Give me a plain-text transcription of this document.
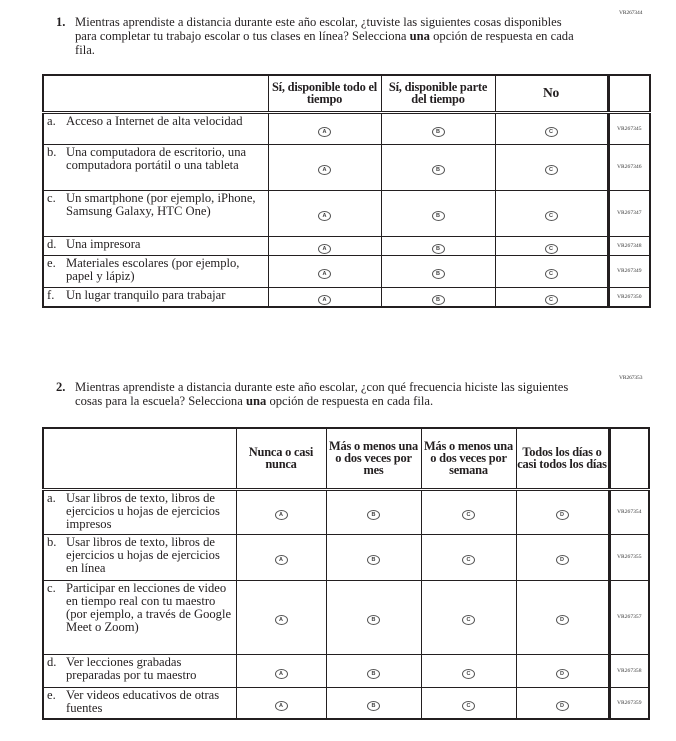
VR267344
1. Mientras aprendiste a distancia durante este año escolar, ¿tuviste las siguientes cosas disponibles para completar tu trabajo escolar o tus clases en línea? Selecciona una opción de respuesta en cada fila.
	Sí, disponible todo el tiempo	Sí, disponible parte del tiempo	No	

a. Acceso a Internet de alta velocidad	A	B	C	VR267345

b. Una computadora de escritorio, una computadora portátil o una tableta	A	B	C	VR267346

c. Un smartphone (por ejemplo, iPhone, Samsung Galaxy, HTC One)	A	B	C	VR267347

d. Una impresora	A	B	C	VR267348

e. Materiales escolares (por ejemplo, papel y lápiz)	A	B	C	VR267349

f. Un lugar tranquilo para trabajar	A	B	C	VR267350
VR267353
2. Mientras aprendiste a distancia durante este año escolar, ¿con qué frecuencia hiciste las siguientes cosas para la escuela? Selecciona una opción de respuesta en cada fila.
	Nunca o casi nunca	Más o menos una o dos veces por mes	Más o menos una o dos veces por semana	Todos los días o casi todos los días	

a. Usar libros de texto, libros de ejercicios u hojas de ejercicios impresos	A	B	C	D	VR267354

b. Usar libros de texto, libros de ejercicios u hojas de ejercicios en línea	A	B	C	D	VR267355

c. Participar en lecciones de video en tiempo real con tu maestro (por ejemplo, a través de Google Meet o Zoom)	A	B	C	D	VR267357

d. Ver lecciones grabadas preparadas por tu maestro	A	B	C	D	VR267358

e. Ver videos educativos de otras fuentes	A	B	C	D	VR267359
